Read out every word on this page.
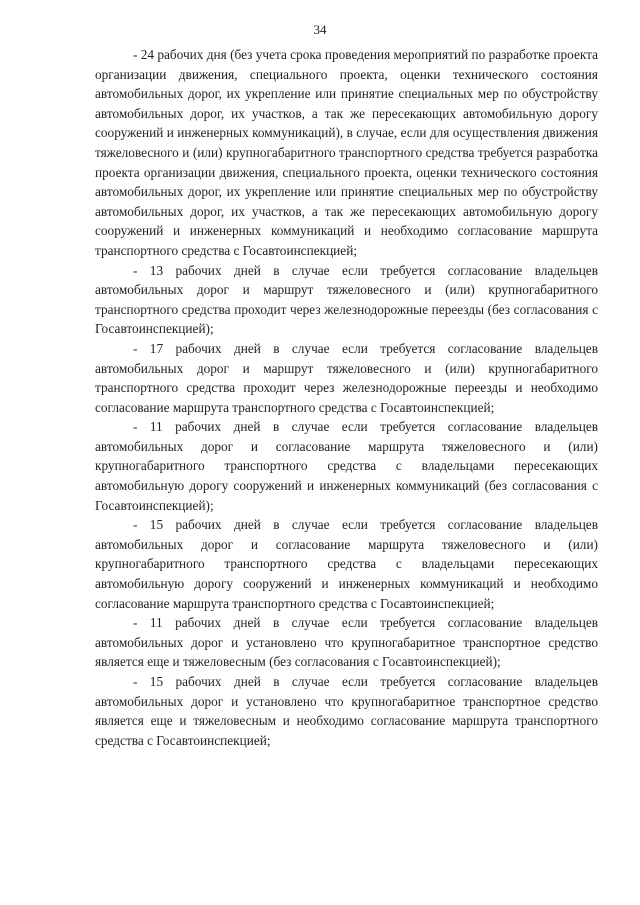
34

- 24 рабочих дня (без учета срока проведения мероприятий по разработке проекта организации движения, специального проекта, оценки технического состояния автомобильных дорог, их укрепление или принятие специальных мер по обустройству автомобильных дорог, их участков, а так же пересекающих автомобильную дорогу сооружений и инженерных коммуникаций), в случае, если для осуществления движения тяжеловесного и (или) крупногабаритного транспортного средства требуется разработка проекта организации движения, специального проекта, оценки технического состояния автомобильных дорог, их укрепление или принятие специальных мер по обустройству автомобильных дорог, их участков, а так же пересекающих автомобильную дорогу сооружений и инженерных коммуникаций и необходимо согласование маршрута транспортного средства с Госавтоинспекцией;

- 13 рабочих дней в случае если требуется согласование владельцев автомобильных дорог и маршрут тяжеловесного и (или) крупногабаритного транспортного средства проходит через железнодорожные переезды (без согласования с Госавтоинспекцией);

- 17 рабочих дней в случае если требуется согласование владельцев автомобильных дорог и маршрут тяжеловесного и (или) крупногабаритного транспортного средства проходит через железнодорожные переезды и необходимо согласование маршрута транспортного средства с Госавтоинспекцией;

- 11 рабочих дней в случае если требуется согласование владельцев автомобильных дорог и согласование маршрута тяжеловесного и (или) крупногабаритного транспортного средства с владельцами пересекающих автомобильную дорогу сооружений и инженерных коммуникаций (без согласования с Госавтоинспекцией);

- 15 рабочих дней в случае если требуется согласование владельцев автомобильных дорог и согласование маршрута тяжеловесного и (или) крупногабаритного транспортного средства с владельцами пересекающих автомобильную дорогу сооружений и инженерных коммуникаций и необходимо согласование маршрута транспортного средства с Госавтоинспекцией;

- 11 рабочих дней в случае если требуется согласование владельцев автомобильных дорог и установлено что крупногабаритное транспортное средство является еще и тяжеловесным (без согласования с Госавтоинспекцией);

- 15 рабочих дней в случае если требуется согласование владельцев автомобильных дорог и установлено что крупногабаритное транспортное средство является еще и тяжеловесным и необходимо согласование маршрута транспортного средства с Госавтоинспекцией;
